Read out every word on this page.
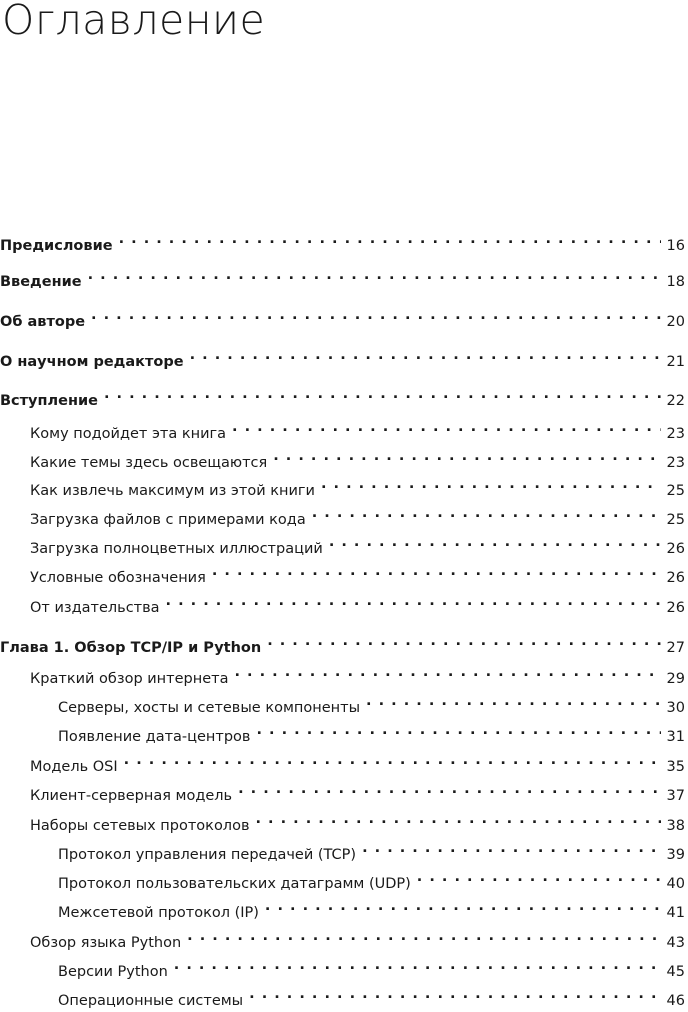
Оглавление
Предисловие . . .	16
Введение . . .	18
Об авторе . . .	20
О научном редакторе . . .	21
Вступление . . .	22
Кому подойдет эта книга . . .	23
Какие темы здесь освещаются . . .	23
Как извлечь максимум из этой книги . . .	25
Загрузка файлов с примерами кода . . .	25
Загрузка полноцветных иллюстраций . . .	26
Условные обозначения . . .	26
От издательства . . .	26
Глава 1. Обзор TCP/IP и Python . . .	27
Краткий обзор интернета . . .	29
Серверы, хосты и сетевые компоненты . . .	30
Появление дата-центров . . .	31
Модель OSI . . .	35
Клиент-серверная модель . . .	37
Наборы сетевых протоколов . . .	38
Протокол управления передачей (TCP) . . .	39
Протокол пользовательских датаграмм (UDP) . . .	40
Межсетевой протокол (IP) . . .	41
Обзор языка Python . . .	43
Версии Python . . .	45
Операционные системы . . .	46
